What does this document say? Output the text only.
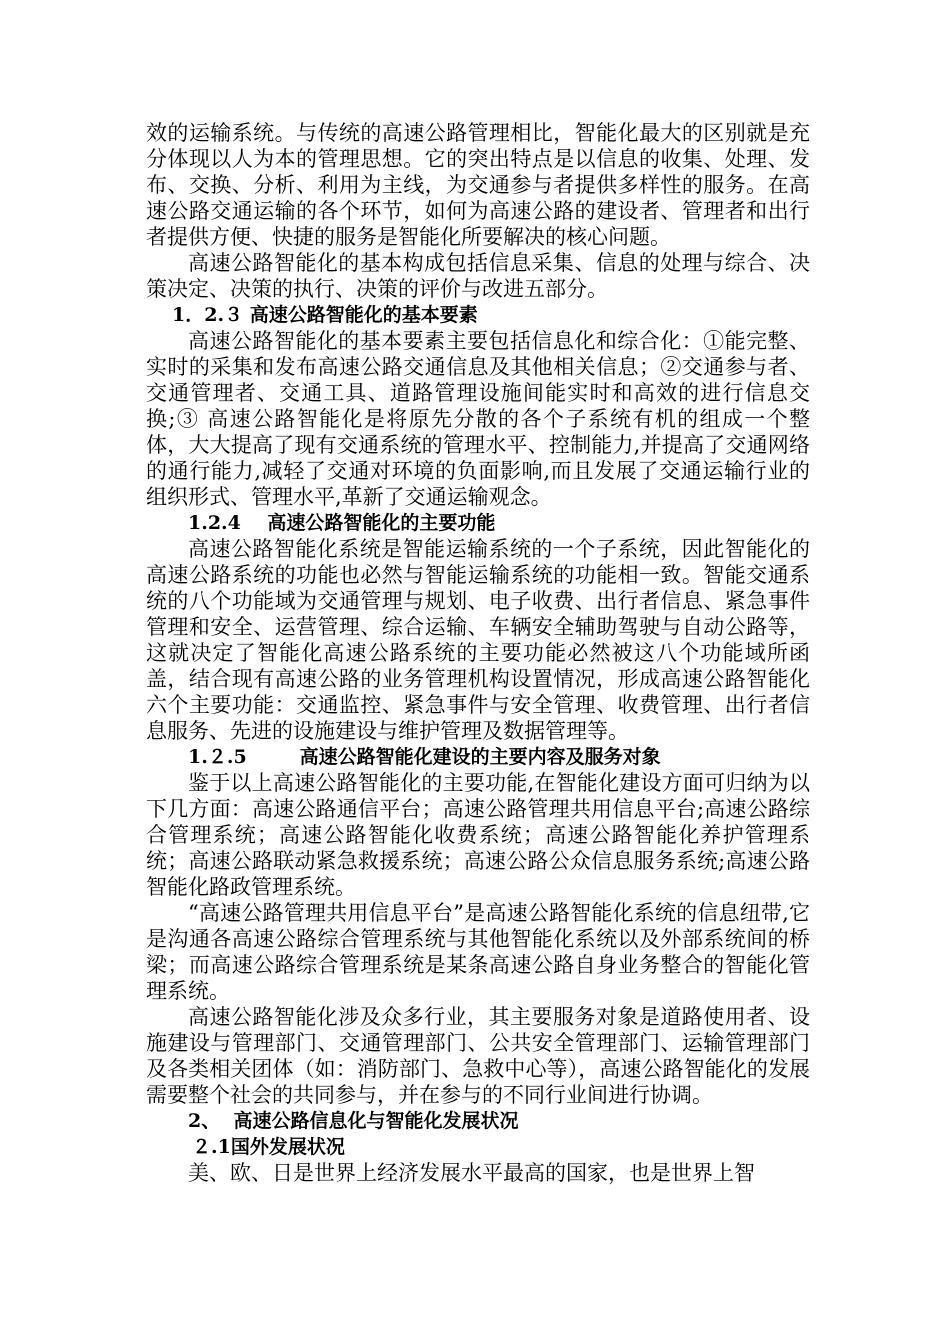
效的运输系统。与传统的高速公路管理相比，智能化最大的区别就是充分体现以人为本的管理思想。它的突出特点是以信息的收集、处理、发布、交换、分析、利用为主线，为交通参与者提供多样性的服务。在高速公路交通运输的各个环节，如何为高速公路的建设者、管理者和出行者提供方便、快捷的服务是智能化所要解决的核心问题。

高速公路智能化的基本构成包括信息采集、信息的处理与综合、决策决定、决策的执行、决策的评价与改进五部分。

1．2.３ 高速公路智能化的基本要素

高速公路智能化的基本要素主要包括信息化和综合化：①能完整、实时的采集和发布高速公路交通信息及其他相关信息；②交通参与者、交通管理者、交通工具、道路管理设施间能实时和高效的进行信息交换;③ 高速公路智能化是将原先分散的各个子系统有机的组成一个整体，大大提高了现有交通系统的管理水平、控制能力,并提高了交通网络的通行能力,减轻了交通对环境的负面影响,而且发展了交通运输行业的组织形式、管理水平,革新了交通运输观念。

1.2.4 高速公路智能化的主要功能

高速公路智能化系统是智能运输系统的一个子系统，因此智能化的高速公路系统的功能也必然与智能运输系统的功能相一致。智能交通系统的八个功能域为交通管理与规划、电子收费、出行者信息、紧急事件管理和安全、运营管理、综合运输、车辆安全辅助驾驶与自动公路等，这就决定了智能化高速公路系统的主要功能必然被这八个功能域所函盖，结合现有高速公路的业务管理机构设置情况，形成高速公路智能化六个主要功能：交通监控、紧急事件与安全管理、收费管理、出行者信息服务、先进的设施建设与维护管理及数据管理等。

1.２.5	高速公路智能化建设的主要内容及服务对象

鉴于以上高速公路智能化的主要功能,在智能化建设方面可归纳为以下几方面：高速公路通信平台；高速公路管理共用信息平台;高速公路综合管理系统；高速公路智能化收费系统；高速公路智能化养护管理系统；高速公路联动紧急救援系统；高速公路公众信息服务系统;高速公路智能化路政管理系统。

“高速公路管理共用信息平台”是高速公路智能化系统的信息纽带,它是沟通各高速公路综合管理系统与其他智能化系统以及外部系统间的桥梁；而高速公路综合管理系统是某条高速公路自身业务整合的智能化管理系统。

高速公路智能化涉及众多行业，其主要服务对象是道路使用者、设施建设与管理部门、交通管理部门、公共安全管理部门、运输管理部门及各类相关团体（如：消防部门、急救中心等），高速公路智能化的发展需要整个社会的共同参与，并在参与的不同行业间进行协调。

2、 高速公路信息化与智能化发展状况
２.1国外发展状况

美、欧、日是世界上经济发展水平最高的国家，也是世界上智
